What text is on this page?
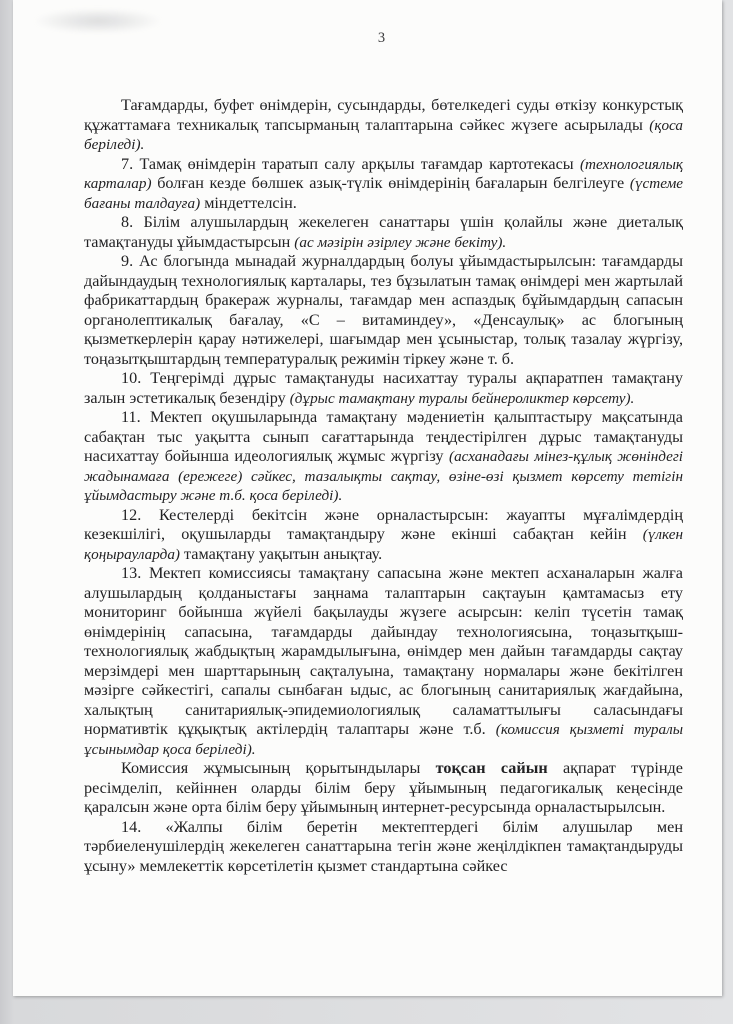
3

Тағамдарды, буфет өнімдерін, сусындарды, бөтелкедегі суды өткізу конкурстық құжаттамаға техникалық тапсырманың талаптарына сәйкес жүзеге асырылады (қоса беріледі).

7. Тамақ өнімдерін таратып салу арқылы тағамдар картотекасы (технологиялық карталар) болған кезде бөлшек азық-түлік өнімдерінің бағаларын белгілеуге (үстеме бағаны талдауға) міндеттелсін.

8. Білім алушылардың жекелеген санаттары үшін қолайлы және диеталық тамақтануды ұйымдастырсын (ас мәзірін әзірлеу және бекіту).

9. Ас блогында мынадай журналдардың болуы ұйымдастырылсын: тағамдарды дайындаудың технологиялық карталары, тез бұзылатын тамақ өнімдері мен жартылай фабрикаттардың бракераж журналы, тағамдар мен аспаздық бұйымдардың сапасын органолептикалық бағалау, «С – витаминдеу», «Денсаулық» ас блогының қызметкерлерін қарау нәтижелері, шағымдар мен ұсыныстар, толық тазалау жүргізу, тоңазытқыштардың температуралық режимін тіркеу және т. б.

10. Теңгерімді дұрыс тамақтануды насихаттау туралы ақпаратпен тамақтану залын эстетикалық безендіру (дұрыс тамақтану туралы бейнероликтер көрсету).

11. Мектеп оқушыларында тамақтану мәдениетін қалыптастыру мақсатында сабақтан тыс уақытта сынып сағаттарында теңдестірілген дұрыс тамақтануды насихаттау бойынша идеологиялық жұмыс жүргізу (асханадағы мінез-құлық жөніндегі жадынамаға (ережеге) сәйкес, тазалықты сақтау, өзіне-өзі қызмет көрсету тетігін ұйымдастыру және т.б. қоса беріледі).

12. Кестелерді бекітсін және орналастырсын: жауапты мұғалімдердің кезекшілігі, оқушыларды тамақтандыру және екінші сабақтан кейін (үлкен қоңырауларда) тамақтану уақытын анықтау.

13. Мектеп комиссиясы тамақтану сапасына және мектеп асханаларын жалға алушылардың қолданыстағы заңнама талаптарын сақтауын қамтамасыз ету мониторинг бойынша жүйелі бақылауды жүзеге асырсын: келіп түсетін тамақ өнімдерінің сапасына, тағамдарды дайындау технологиясына, тоңазытқыш-технологиялық жабдықтың жарамдылығына, өнімдер мен дайын тағамдарды сақтау мерзімдері мен шарттарының сақталуына, тамақтану нормалары және бекітілген мәзірге сәйкестігі, сапалы сынбаған ыдыс, ас блогының санитариялық жағдайына, халықтың санитариялық-эпидемиологиялық саламаттылығы саласындағы нормативтік құқықтық актілердің талаптары және т.б. (комиссия қызметі туралы ұсынымдар қоса беріледі).

Комиссия жұмысының қорытындылары тоқсан сайын ақпарат түрінде ресімделіп, кейіннен оларды білім беру ұйымының педагогикалық кеңесінде қаралсын және орта білім беру ұйымының интернет-ресурсында орналастырылсын.

14. «Жалпы білім беретін мектептердегі білім алушылар мен тәрбиеленушілердің жекелеген санаттарына тегін және жеңілдікпен тамақтандыруды ұсыну» мемлекеттік көрсетілетін қызмет стандартына сәйкес
